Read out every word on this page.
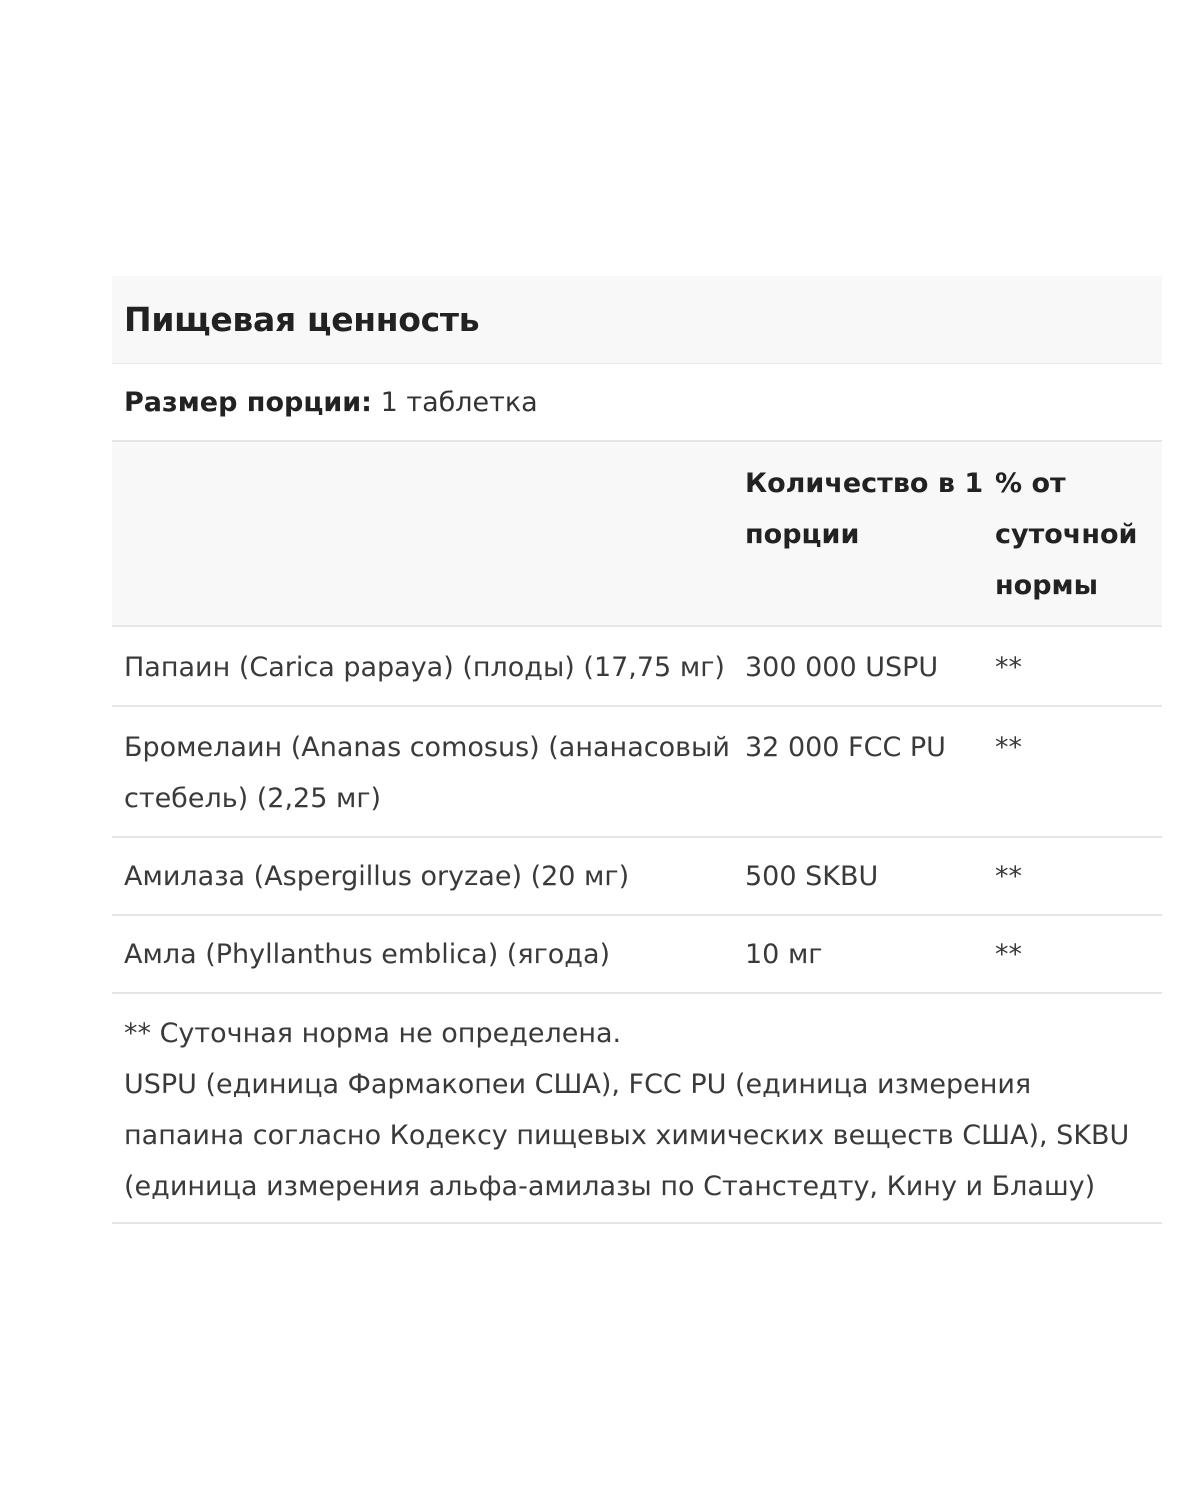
Пищевая ценность
Размер порции:
1 таблетка
	Количество в 1 порции	% от суточной нормы
Папаин (Carica papaya) (плоды) (17,75 мг)	300 000 USPU	**
Бромелаин (Ananas comosus) (ананасовый стебель) (2,25 мг)	32 000 FCC PU	**
Амилаза (Aspergillus oryzae) (20 мг)	500 SKBU	**
Амла (Phyllanthus emblica) (ягода)	10 мг	**

** Суточная норма не определена.

USPU (единица Фармакопеи США), FCC PU (единица измерения папаина согласно Кодексу пищевых химических веществ США), SKBU (единица измерения альфа-амилазы по Станстедту, Кину и Блашу)
